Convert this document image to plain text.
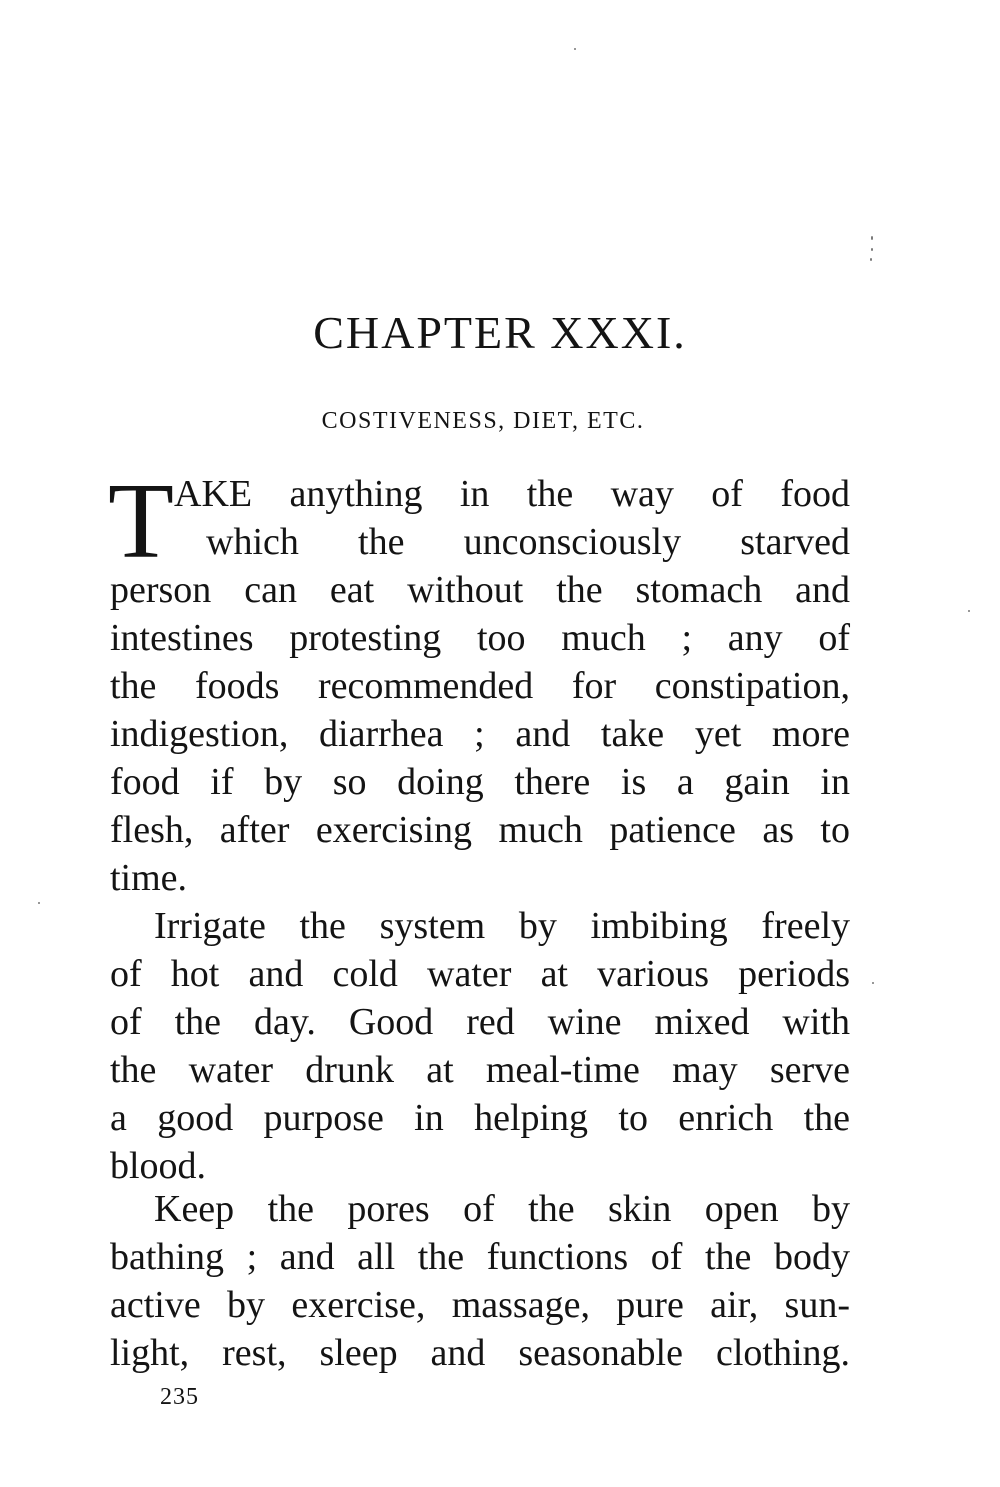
CHAPTER XXXI.
COSTIVENESS, DIET, ETC.
T AKE anything in the way of food
which the unconsciously starved
person can eat without the stomach and
intestines protesting too much ; any of
the foods recommended for constipation,
indigestion, diarrhea ; and take yet more
food if by so doing there is a gain in
flesh, after exercising much patience as to
time.
Irrigate the system by imbibing freely
of hot and cold water at various periods
of the day. Good red wine mixed with
the water drunk at meal-time may serve
a good purpose in helping to enrich the
blood.
Keep the pores of the skin open by
bathing ; and all the functions of the body
active by exercise, massage, pure air, sun-
light, rest, sleep and seasonable clothing.
235
